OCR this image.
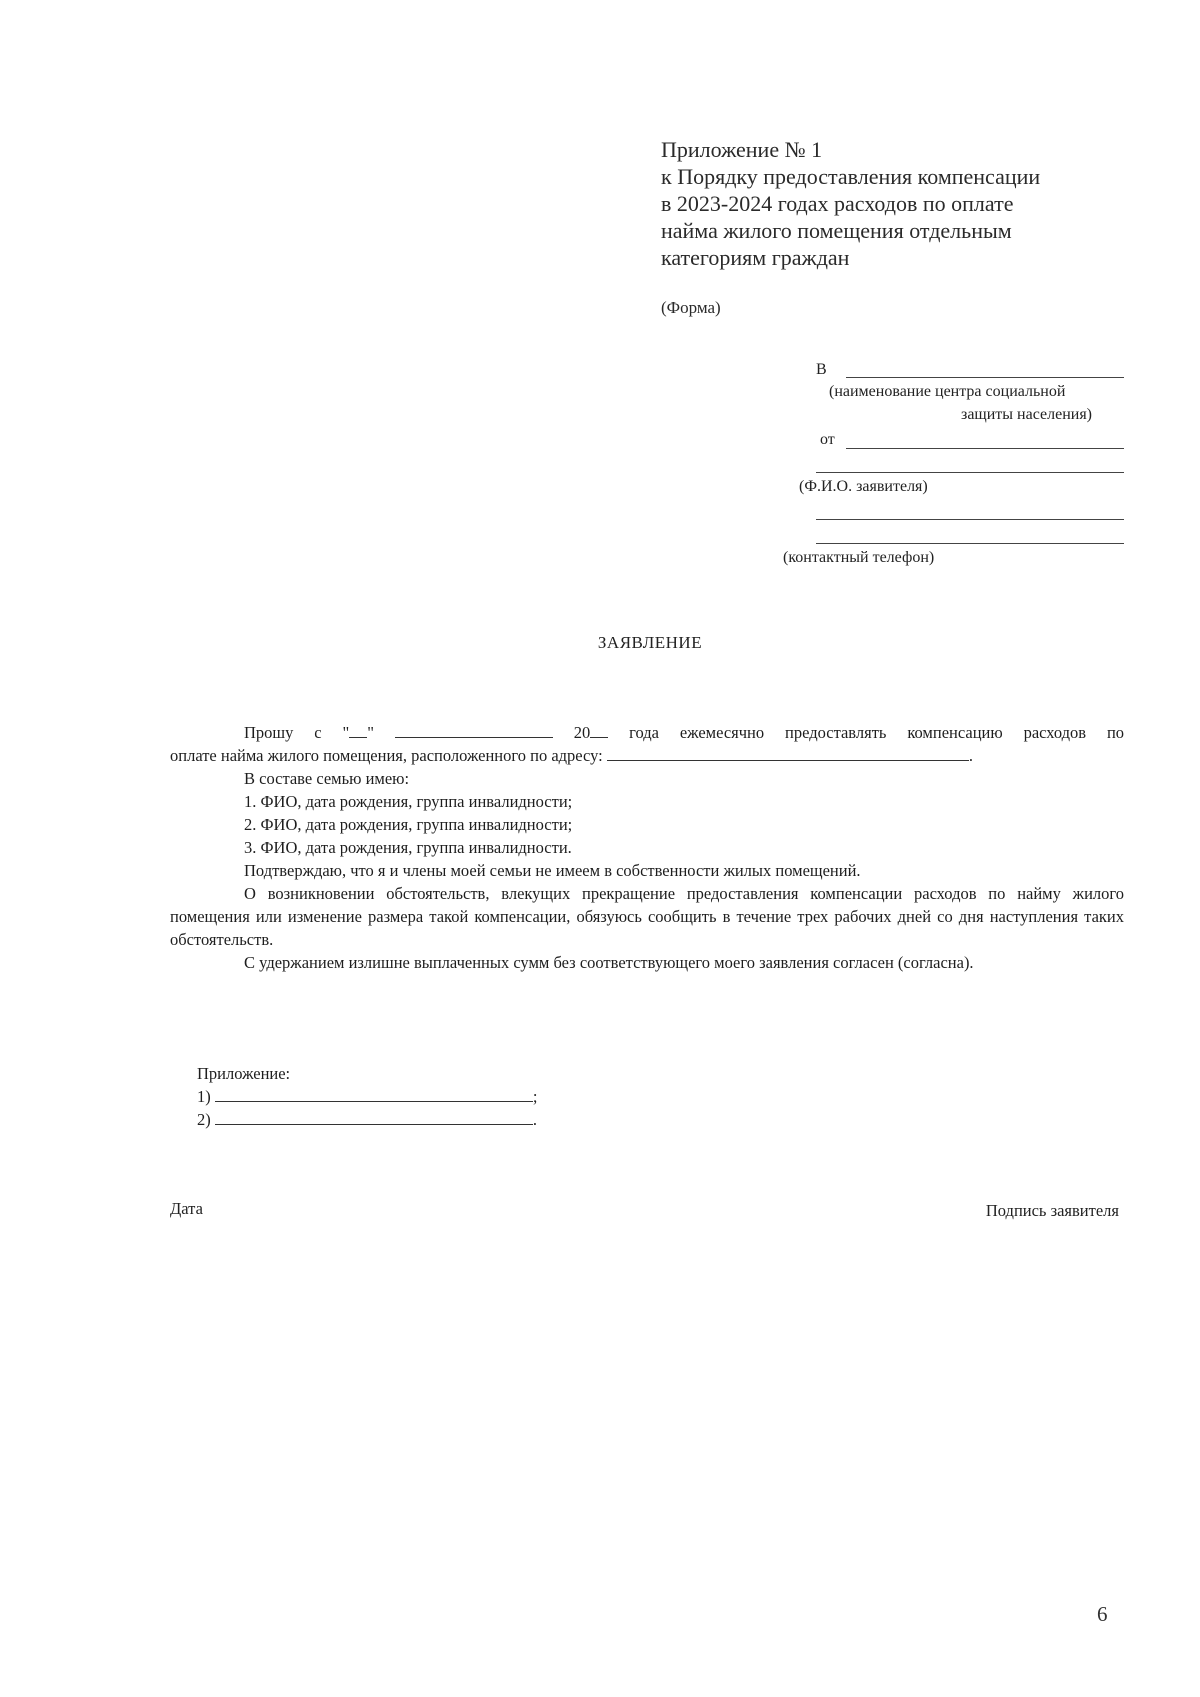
Приложение № 1
к Порядку предоставления компенсации
в 2023-2024 годах расходов по оплате
найма жилого помещения отдельным
категориям граждан
(Форма)
В
(наименование центра социальной
защиты населения)
от
(Ф.И.О. заявителя)
(контактный телефон)
ЗАЯВЛЕНИЕ

Прошу с " "	20 года ежемесячно предоставлять компенсацию расходов по

оплате найма жилого помещения, расположенного по адресу:	.

В составе семью имею:

1. ФИО, дата рождения, группа инвалидности;

2. ФИО, дата рождения, группа инвалидности;

3. ФИО, дата рождения, группа инвалидности.

Подтверждаю, что я и члены моей семьи не имеем в собственности жилых помещений.

О возникновении обстоятельств, влекущих прекращение предоставления компенсации расходов по найму жилого помещения или изменение размера такой компенсации, обязуюсь сообщить в течение трех рабочих дней со дня наступления таких обстоятельств.

С удержанием излишне выплаченных сумм без соответствующего моего заявления согласен (согласна).

Приложение:

1)	;

2)	.

Дата	Подпись заявителя
6
